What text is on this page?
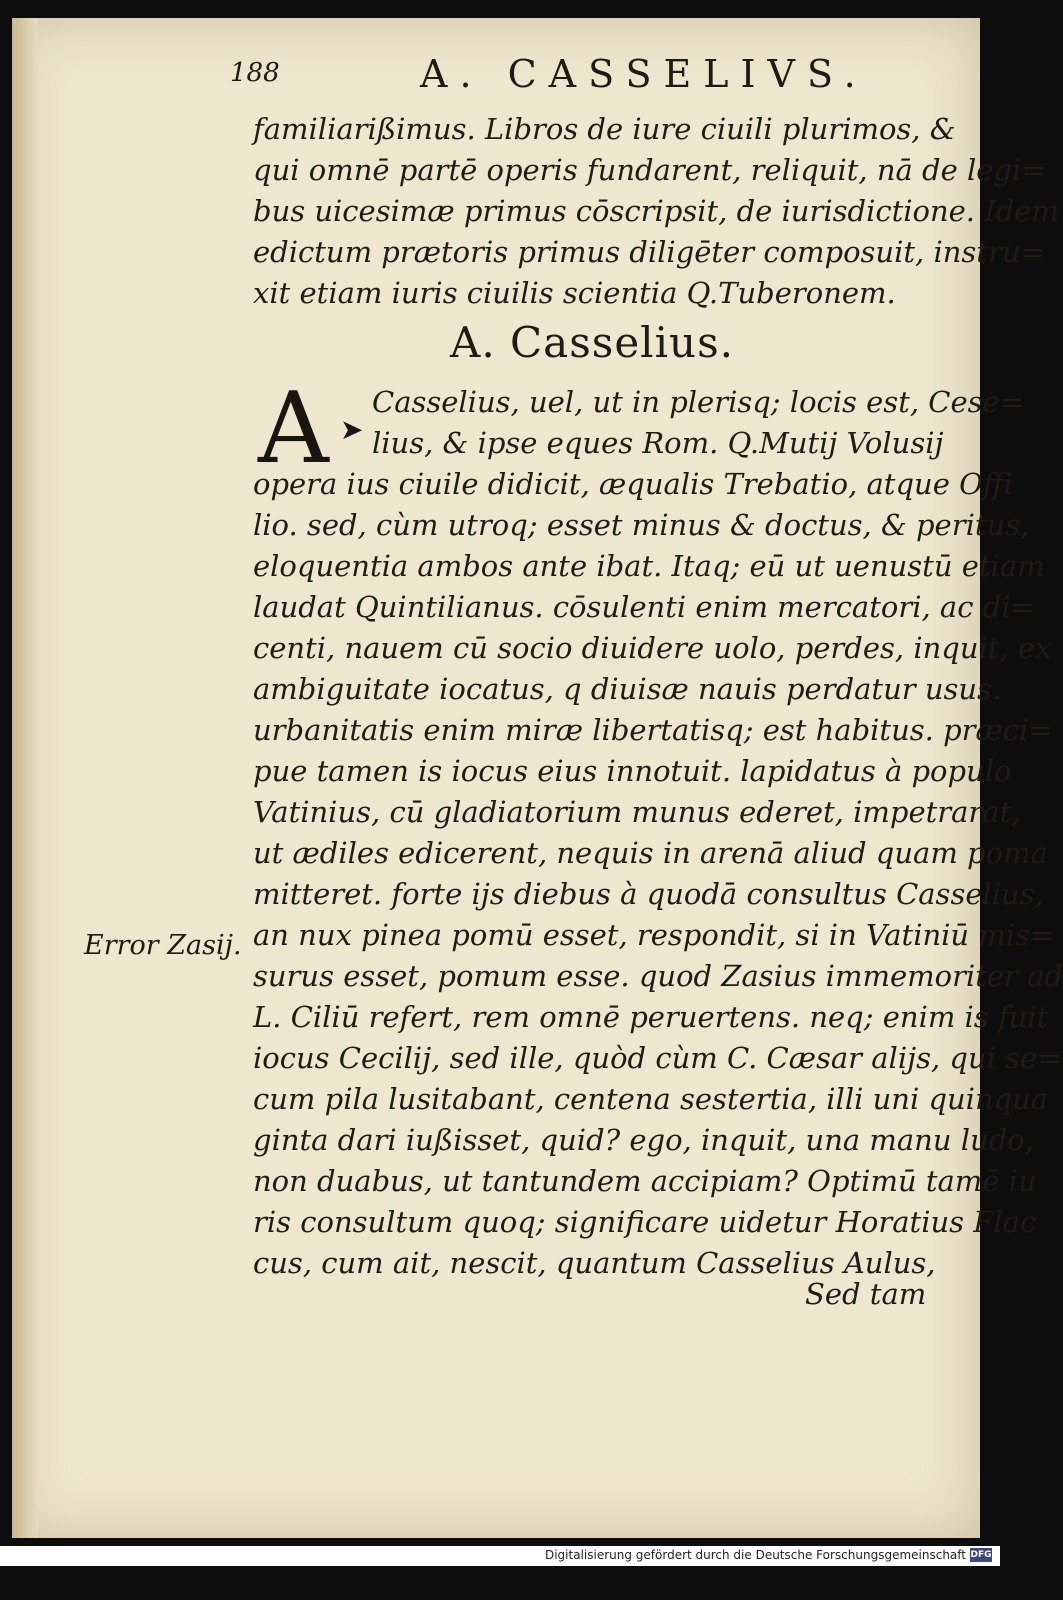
188	A. CASSELIVS.
familiarißimus. Libros de iure ciuili plurimos, &
qui omnē partē operis fundarent, reliquit, nā de legi=
bus uicesimæ primus cōscripsit, de iurisdictione. Idem
edictum prætoris primus diligēter composuit, instru=
xit etiam iuris ciuilis scientia Q.Tuberonem.
A. Casselius.
A ➤
Casselius, uel, ut in plerisq; locis est, Cese=
lius, & ipse eques Rom. Q.Mutij Volusij
opera ius ciuile didicit, æqualis Trebatio, atque Offi
lio. sed, cùm utroq; esset minus & doctus, & peritus,
eloquentia ambos ante ibat. Itaq; eū ut uenustū etiam
laudat Quintilianus. cōsulenti enim mercatori, ac di=
centi, nauem cū socio diuidere uolo, perdes, inquit, ex
ambiguitate iocatus, q diuisæ nauis perdatur usus.
urbanitatis enim miræ libertatisq; est habitus. præci=
pue tamen is iocus eius innotuit. lapidatus à populo
Vatinius, cū gladiatorium munus ederet, impetrarat,
ut ædiles edicerent, nequis in arenā aliud quam poma
mitteret. forte ijs diebus à quodā consultus Casselius,
an nux pinea pomū esset, respondit, si in Vatiniū mis=
surus esset, pomum esse. quod Zasius immemoriter ad
L. Ciliū refert, rem omnē peruertens. neq; enim is fuit
iocus Cecilij, sed ille, quòd cùm C. Cæsar alijs, qui se=
cum pila lusitabant, centena sestertia, illi uni quinqua
ginta dari iußisset, quid? ego, inquit, una manu ludo,
non duabus, ut tantundem accipiam? Optimū tamē iu
ris consultum quoq; significare uidetur Horatius Flac
cus, cum ait, nescit, quantum Casselius Aulus,
Error Zasij.
Sed tam
Digitalisierung gefördert durch die Deutsche Forschungsgemeinschaft DFG
